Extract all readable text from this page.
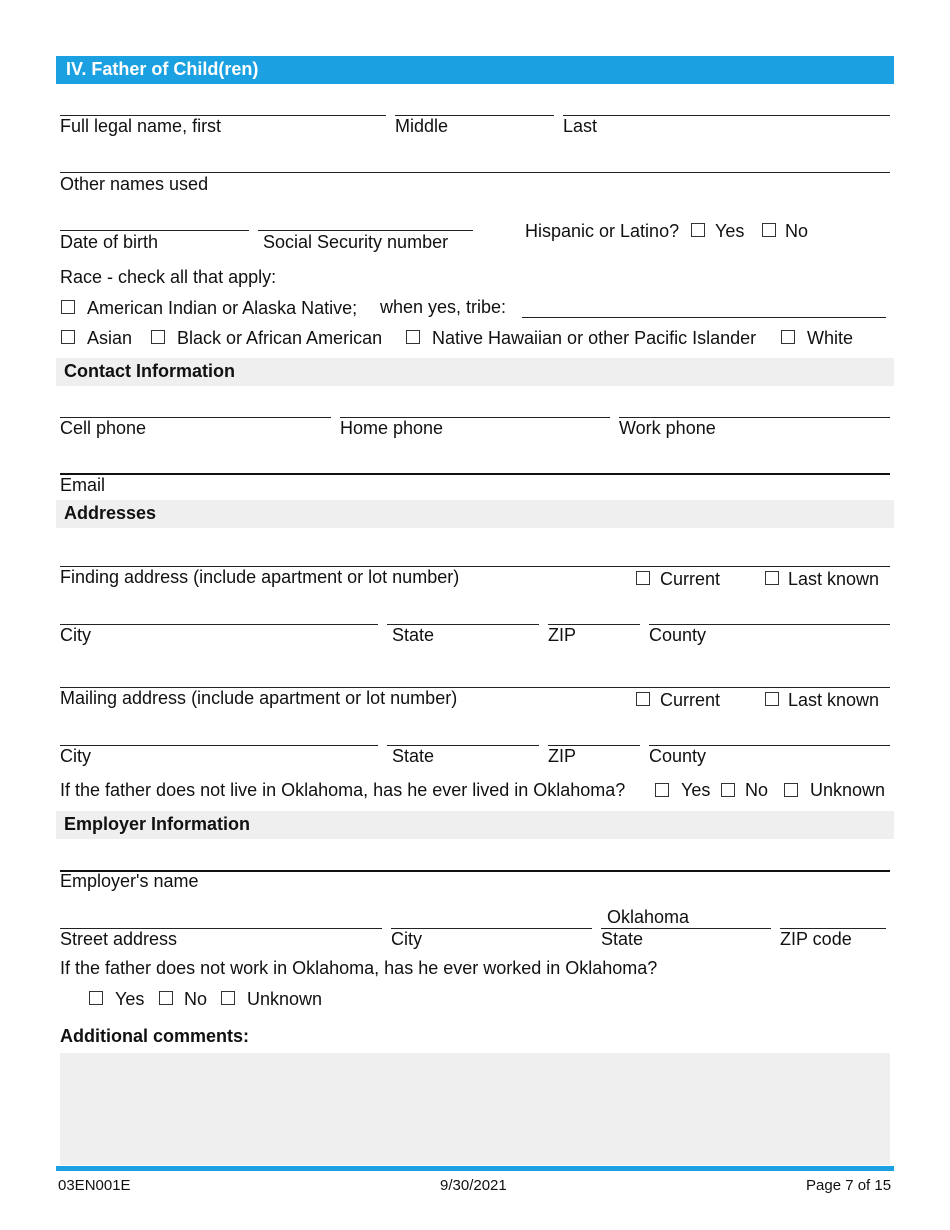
IV. Father of Child(ren)
Full legal name, first	Middle	Last
Other names used
Date of birth	Social Security number
Hispanic or Latino? Yes No
Race - check all that apply:
American Indian or Alaska Native; when yes, tribe:
Asian Black or African American	Native Hawaiian or other Pacific Islander	White
Contact Information
Cell phone	Home phone	Work phone
Email
Addresses
Finding address (include apartment or lot number)	Current	Last known
City	State	ZIP	County
Mailing address (include apartment or lot number)	Current	Last known
City	State	ZIP	County
If the father does not live in Oklahoma, has he ever lived in Oklahoma?	Yes No Unknown
Employer Information
Employer's name
Oklahoma
Street address	City	State	ZIP code
If the father does not work in Oklahoma, has he ever worked in Oklahoma?
Yes No Unknown
Additional comments:
03EN001E	9/30/2021	Page 7 of 15
